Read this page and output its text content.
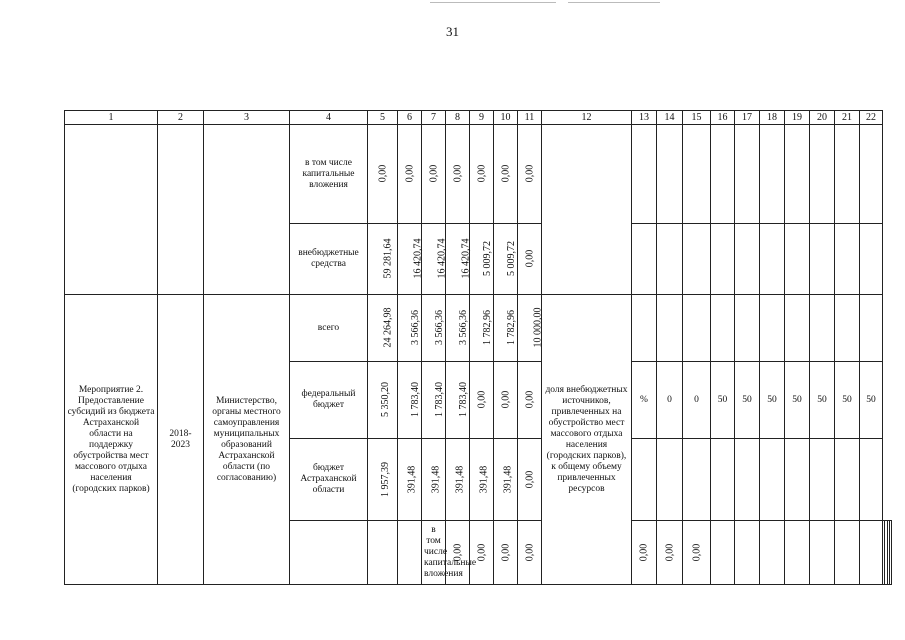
31
1	2	3	4	5	6	7	8	9	10	11	12	13	14	15	16	17	18	19	20	21	22				

			в том числе капитальные вложения	0,00	0,00	0,00	0,00	0,00	0,00	0,00															

			внебюджетные средства	59 281,64	16 420,74	16 420,74	16 420,74	5 009,72	5 009,72	0,00															

Мероприятие 2. Предоставление субсидий из бюджета Астраханской области на поддержку обустройства мест массового отдыха населения (городских парков)	2018-2023	Министерство, органы местного самоуправления муниципальных образований Астраханской области (по согласованию)	всего	24 264,98	3 566,36	3 566,36	3 566,36	1 782,96	1 782,96	10 000,00	доля внебюджетных источников, привлеченных на обустройство мест массового отдыха населения (городских парков), к общему объему привлеченных ресурсов														

			федеральный бюджет	5 350,20	1 783,40	1 783,40	1 783,40	0,00	0,00	0,00		%	0	0	50	50	50	50	50	50	50				

			бюджет Астраханской области	1 957,39	391,48	391,48	391,48	391,48	391,48	0,00															

						в том числе капитальные вложения	0,00	0,00	0,00	0,00		0,00	0,00	0,00											
